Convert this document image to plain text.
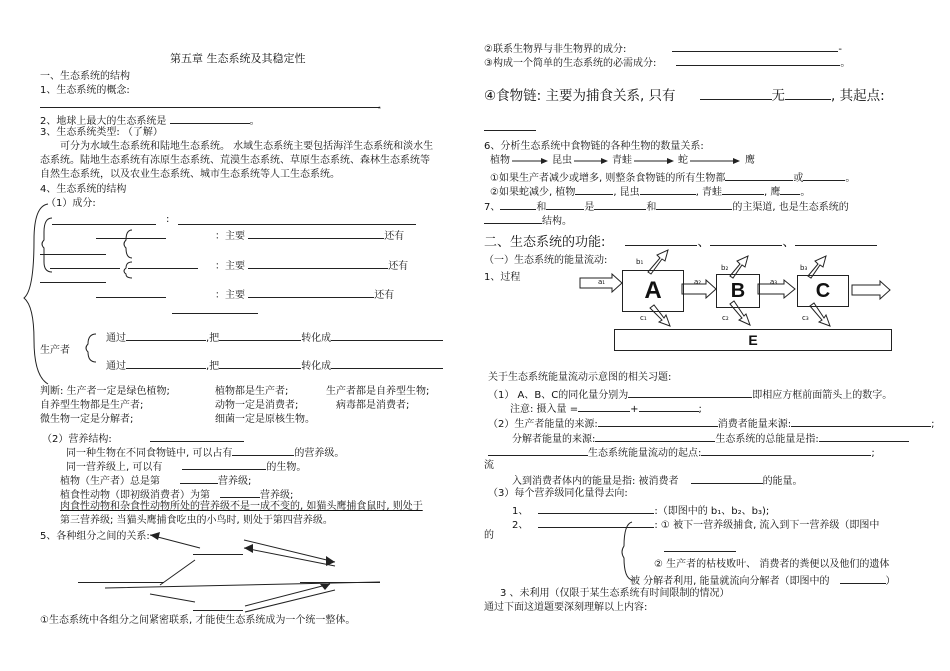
第五章 生态系统及其稳定性
一、生态系统的结构
1、生态系统的概念:
。
2、地球上最大的生态系统是	。
3、生态系统类型: （了解）
可分为水域生态系统和陆地生态系统。 水域生态系统主要包括海洋生态系统和淡水生
态系统。陆地生态系统有冻原生态系统、荒漠生态系统、草原生态系统、森林生态系统等
自然生态系统，以及农业生态系统、城市生态系统等人工生态系统。
4、生态系统的结构
（1）成分:
:
：主要	还有
：主要	还有
：主要	还有
生产者
通过	,把	转化成
通过	,把	转化成
判断: 生产者一定是绿色植物;	植物都是生产者;	生产者都是自养型生物;
自养型生物都是生产者;	动物一定是消费者;	病毒都是消费者;
微生物一定是分解者;	细菌一定是原核生物。
（2）营养结构:
同一种生物在不同食物链中, 可以占有	的营养级。
同一营养级上, 可以有	的生物。
植物（生产者）总是第	营养级;
植食性动物（即初级消费者）为第	营养级;
肉食性动物和杂食性动物所处的营养级不是一成不变的, 如猫头鹰捕食鼠时, 则处于
第三营养级; 当猫头鹰捕食吃虫的小鸟时, 则处于第四营养级。
5、各种组分之间的关系:
①生态系统中各组分之间紧密联系, 才能使生态系统成为一个统一整体。
②联系生物界与非生物界的成分:	-
③构成一个简单的生态系统的必需成分:	。
④食物链: 主要为捕食关系, 只有	无	, 其起点:
6、分析生态系统中食物链的各种生物的数量关系:
植物	昆虫	青蛙	蛇	鹰
①如果生产者减少或增多, 则整条食物链的所有生物都	或	。
②如果蛇减少, 植物	, 昆虫	, 青蛙	, 鹰 。
7、	和	是	和	的主渠道, 也是生态系统的
结构。
二、生态系统的功能:	、	、
（一）生态系统的能量流动:
1、过程	A	B	C
E
a₁	a₂	a₃
b₁
b₂	b₃
c₁	c₂	c₃
关于生态系统能量流动示意图的相关习题:
（1） A、B、C的同化量分别为	即相应方框前面箭头上的数字。
注意: 摄入量 =	+	;
（2）生产者能量的来源:	消费者能量来源:	;
分解者能量的来源:	生态系统的总能量是指:
生态系统能量流动的起点:	;
流
入到消费者体内的能量是指: 被消费者	的能量。
（3）每个营养级同化量得去向:
1、	:（即图中的 b₁、b₂、b₃);
2、	: ① 被下一营养级捕食, 流入到下一营养级（即图中
的
② 生产者的枯枝败叶、 消费者的粪便以及他们的遗体
被 分解者利用, 能量就流向分解者（即图中的	）
3 、未利用（仅限于某生态系统有时间限制的情况）
通过下面这道题要深刻理解以上内容:
